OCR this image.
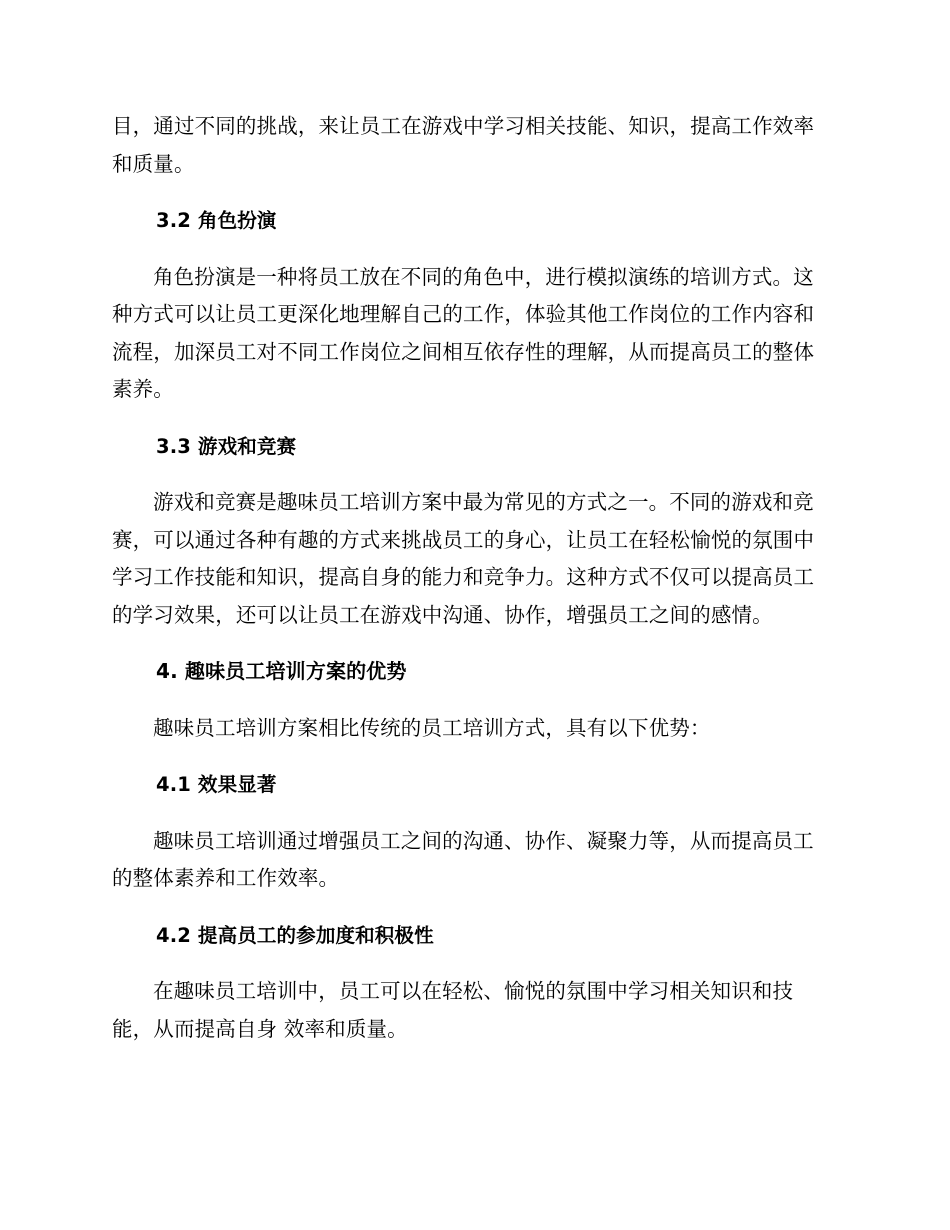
目，通过不同的挑战，来让员工在游戏中学习相关技能、知识，提高工作效率和质量。

3.2 角色扮演

角色扮演是一种将员工放在不同的角色中，进行模拟演练的培训方式。这种方式可以让员工更深化地理解自己的工作，体验其他工作岗位的工作内容和流程，加深员工对不同工作岗位之间相互依存性的理解，从而提高员工的整体素养。

3.3 游戏和竞赛

游戏和竞赛是趣味员工培训方案中最为常见的方式之一。不同的游戏和竞赛，可以通过各种有趣的方式来挑战员工的身心，让员工在轻松愉悦的氛围中学习工作技能和知识，提高自身的能力和竞争力。这种方式不仅可以提高员工的学习效果，还可以让员工在游戏中沟通、协作，增强员工之间的感情。

4. 趣味员工培训方案的优势

趣味员工培训方案相比传统的员工培训方式，具有以下优势：

4.1 效果显著

趣味员工培训通过增强员工之间的沟通、协作、凝聚力等，从而提高员工的整体素养和工作效率。

4.2 提高员工的参加度和积极性

在趣味员工培训中，员工可以在轻松、愉悦的氛围中学习相关知识和技能，从而提高自身 效率和质量。
